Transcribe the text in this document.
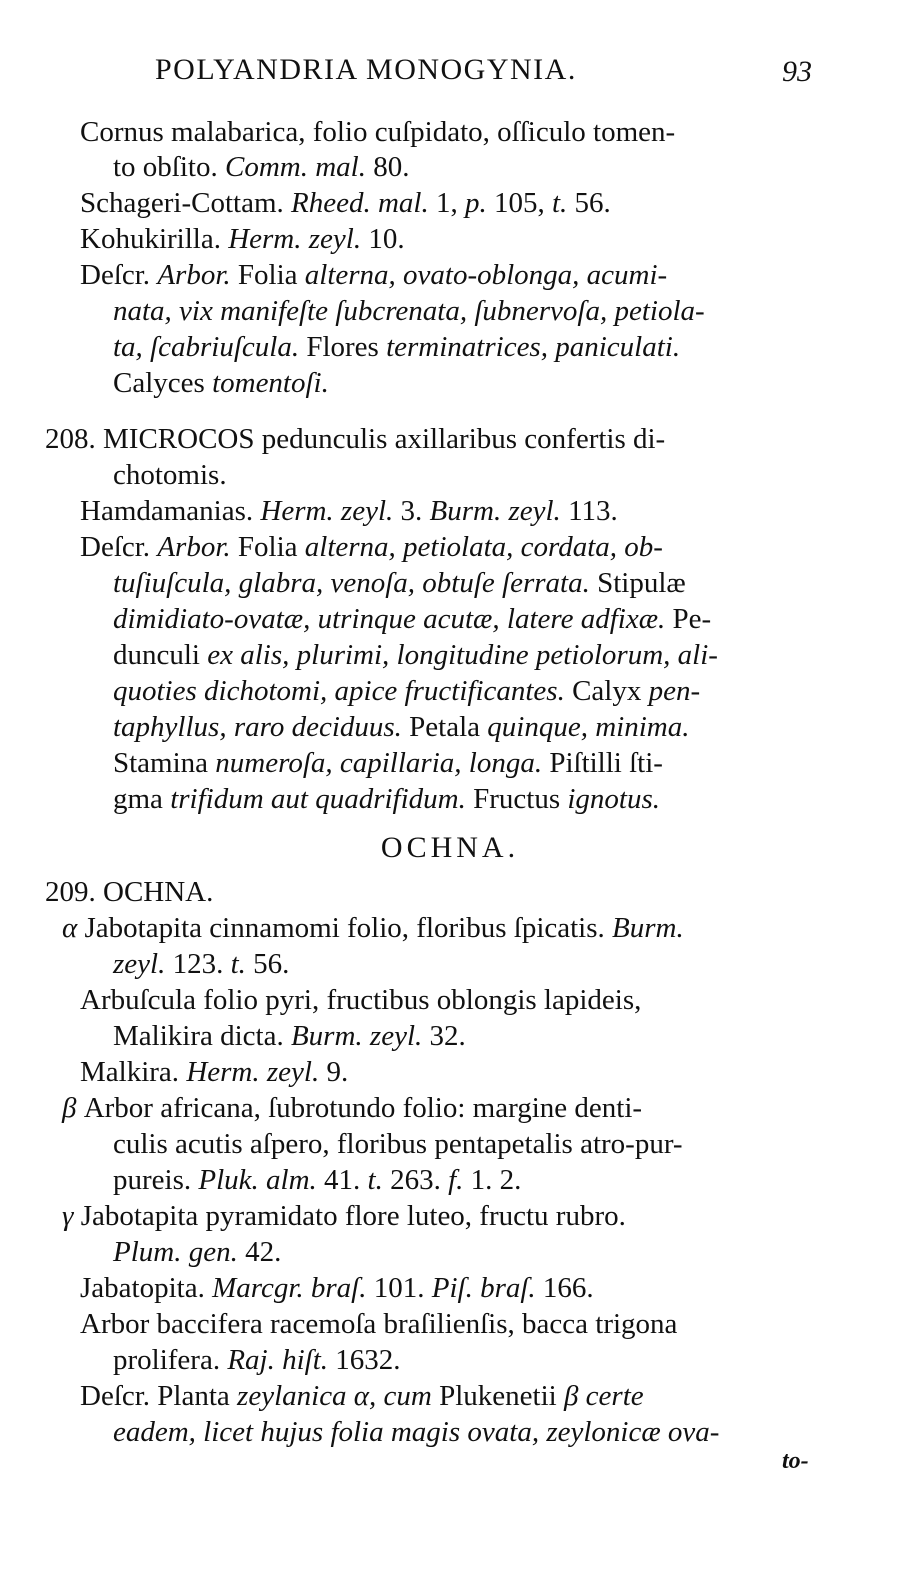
POLYANDRIA MONOGYNIA.	93
Cornus malabarica, folio cuſpidato, oſſiculo tomen-
to obſito. Comm. mal. 80.
Schageri-Cottam. Rheed. mal. 1, p. 105, t. 56.
Kohukirilla. Herm. zeyl. 10.
Deſcr. Arbor. Folia alterna, ovato-oblonga, acumi-
nata, vix manifeſte ſubcrenata, ſubnervoſa, petiola-
ta, ſcabriuſcula. Flores terminatrices, paniculati.
Calyces tomentoſi.
208. MICROCOS pedunculis axillaribus confertis di-
chotomis.
Hamdamanias. Herm. zeyl. 3. Burm. zeyl. 113.
Deſcr. Arbor. Folia alterna, petiolata, cordata, ob-
tuſiuſcula, glabra, venoſa, obtuſe ſerrata. Stipulæ
dimidiato-ovatæ, utrinque acutæ, latere adfixæ. Pe-
dunculi ex alis, plurimi, longitudine petiolorum, ali-
quoties dichotomi, apice fructificantes. Calyx pen-
taphyllus, raro deciduus. Petala quinque, minima.
Stamina numeroſa, capillaria, longa. Piſtilli ſti-
gma trifidum aut quadrifidum. Fructus ignotus.
OCHNA.
209. OCHNA.
α Jabotapita cinnamomi folio, floribus ſpicatis. Burm.
zeyl. 123. t. 56.
Arbuſcula folio pyri, fructibus oblongis lapideis,
Malikira dicta. Burm. zeyl. 32.
Malkira. Herm. zeyl. 9.
β Arbor africana, ſubrotundo folio: margine denti-
culis acutis aſpero, floribus pentapetalis atro-pur-
pureis. Pluk. alm. 41. t. 263. f. 1. 2.
γ Jabotapita pyramidato flore luteo, fructu rubro.
Plum. gen. 42.
Jabatopita. Marcgr. braſ. 101. Piſ. braſ. 166.
Arbor baccifera racemoſa braſilienſis, bacca trigona
prolifera. Raj. hiſt. 1632.
Deſcr. Planta zeylanica α, cum Plukenetii β certe
eadem, licet hujus folia magis ovata, zeylonicæ ova-
to-
